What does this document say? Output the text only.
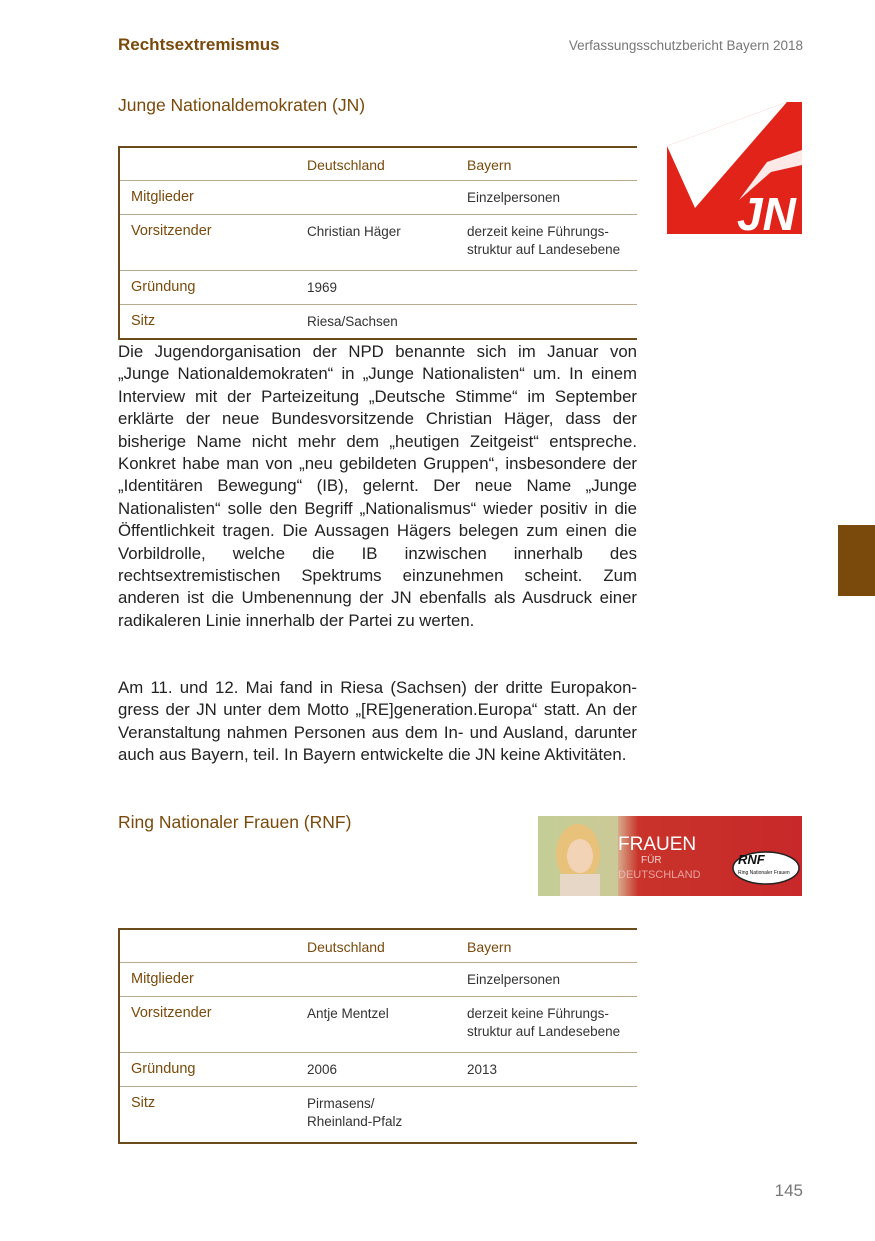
Rechtsextremismus	Verfassungsschutzbericht Bayern 2018
Junge Nationaldemokraten (JN)
JN
	Deutschland	Bayern
Mitglieder		Einzelpersonen
Vorsitzender	Christian Häger	derzeit keine Führungs-
struktur auf Landesebene
Gründung	1969	
Sitz	Riesa/Sachsen	

Die Jugendorganisation der NPD benannte sich im Januar von „Junge Nationaldemokraten“ in „Junge Nationalisten“ um. In einem Interview mit der Parteizeitung „Deutsche Stimme“ im September erklärte der neue Bundesvorsitzende Christian Häger, dass der bisherige Name nicht mehr dem „heutigen Zeitgeist“ entspreche. Konkret habe man von „neu gebildeten Gruppen“, insbesondere der „Identitären Bewegung“ (IB), gelernt. Der neue Name „Junge Nationalisten“ solle den Begriff „Nationalismus“ wieder positiv in die Öffentlichkeit tragen. Die Aussagen Hägers belegen zum einen die Vorbildrolle, welche die IB inzwischen innerhalb des rechtsextremistischen Spektrums einzunehmen scheint. Zum anderen ist die Umbenennung der JN ebenfalls als Ausdruck einer radikaleren Linie innerhalb der Partei zu werten.

Am 11. und 12. Mai fand in Riesa (Sachsen) der dritte Europakongress der JN unter dem Motto „[RE]generation.Europa“ statt. An der Veranstaltung nahmen Personen aus dem In- und Ausland, darunter auch aus Bayern, teil. In Bayern entwickelte die JN keine Aktivitäten.

Ring Nationaler Frauen (RNF)
FRAUEN
FÜR
DEUTSCHLAND
RNF
Ring Nationaler Frauen
	Deutschland	Bayern
Mitglieder		Einzelpersonen
Vorsitzender	Antje Mentzel	derzeit keine Führungs-
struktur auf Landesebene
Gründung	2006	2013
Sitz	Pirmasens/
Rheinland-Pfalz	
145
